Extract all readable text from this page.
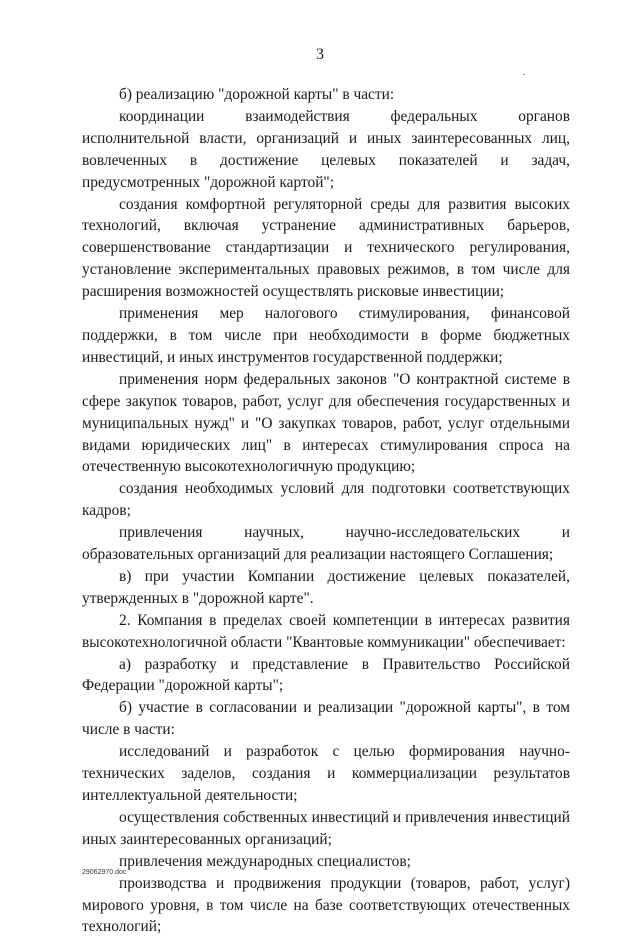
3

б) реализацию "дорожной карты" в части:

координации взаимодействия федеральных органов исполнительной власти, организаций и иных заинтересованных лиц, вовлеченных в достижение целевых показателей и задач, предусмотренных "дорожной картой";

создания комфортной регуляторной среды для развития высоких технологий, включая устранение административных барьеров, совершенствование стандартизации и технического регулирования, установление экспериментальных правовых режимов, в том числе для расширения возможностей осуществлять рисковые инвестиции;

применения мер налогового стимулирования, финансовой поддержки, в том числе при необходимости в форме бюджетных инвестиций, и иных инструментов государственной поддержки;

применения норм федеральных законов "О контрактной системе в сфере закупок товаров, работ, услуг для обеспечения государственных и муниципальных нужд" и "О закупках товаров, работ, услуг отдельными видами юридических лиц" в интересах стимулирования спроса на отечественную высокотехнологичную продукцию;

создания необходимых условий для подготовки соответствующих кадров;

привлечения научных, научно-исследовательских и образовательных организаций для реализации настоящего Соглашения;

в) при участии Компании достижение целевых показателей, утвержденных в "дорожной карте".

2. Компания в пределах своей компетенции в интересах развития высокотехнологичной области "Квантовые коммуникации" обеспечивает:

а) разработку и представление в Правительство Российской Федерации "дорожной карты";

б) участие в согласовании и реализации "дорожной карты", в том числе в части:

исследований и разработок с целью формирования научно-технических заделов, создания и коммерциализации результатов интеллектуальной деятельности;

осуществления собственных инвестиций и привлечения инвестиций иных заинтересованных организаций;

привлечения международных специалистов;

производства и продвижения продукции (товаров, работ, услуг) мирового уровня, в том числе на базе соответствующих отечественных технологий;

29062970.doc
